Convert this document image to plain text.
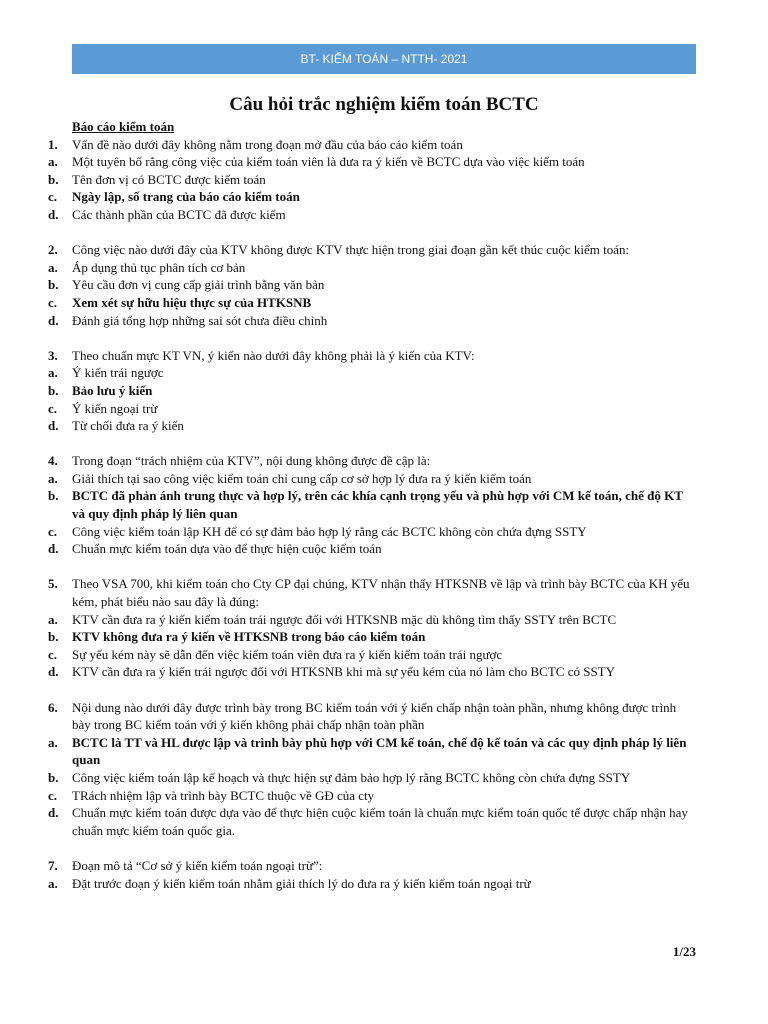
BT- KIỂM TOÁN – NTTH- 2021
Câu hỏi trắc nghiệm kiểm toán BCTC
Báo cáo kiểm toán
1.	Vấn đề nào dưới đây không nằm trong đoạn mở đầu của báo cáo kiểm toán
a.	Một tuyên bố rằng công việc của kiểm toán viên là đưa ra ý kiến về BCTC dựa vào việc kiểm toán
b.	Tên đơn vị có BCTC được kiểm toán
c.	Ngày lập, số trang của báo cáo kiểm toán
d.	Các thành phần của BCTC đã được kiểm
2.	Công việc nào dưới đây của KTV không được KTV thực hiện trong giai đoạn gần kết thúc cuộc kiểm toán:
a.	Áp dụng thủ tục phân tích cơ bản
b.	Yêu cầu đơn vị cung cấp giải trình bằng văn bản
c.	Xem xét sự hữu hiệu thực sự của HTKSNB
d.	Đánh giá tổng hợp những sai sót chưa điều chỉnh
3.	Theo chuẩn mực KT VN, ý kiến nào dưới đây không phải là ý kiến của KTV:
a.	Ý kiến trái ngược
b.	Bảo lưu ý kiến
c.	Ý kiến ngoại trừ
d.	Từ chối đưa ra ý kiến
4.	Trong đoạn “trách nhiệm của KTV”, nội dung không được đề cập là:
a.	Giải thích tại sao công việc kiểm toán chỉ cung cấp cơ sở hợp lý đưa ra ý kiến kiểm toán
b.	BCTC đã phản ánh trung thực và hợp lý, trên các khía cạnh trọng yếu và phù hợp với CM kế toán, chế độ KT và quy định pháp lý liên quan
c.	Công việc kiểm toán lập KH để có sự đảm bảo hợp lý rằng các BCTC không còn chứa đựng SSTY
d.	Chuẩn mực kiểm toán dựa vào để thực hiện cuộc kiểm toán
5.	Theo VSA 700, khi kiểm toán cho Cty CP đại chúng, KTV nhận thấy HTKSNB về lập và trình bày BCTC của KH yếu kém, phát biểu nào sau đây là đúng:
a.	KTV cần đưa ra ý kiến kiểm toán trái ngược đối với HTKSNB mặc dù không tìm thấy SSTY trên BCTC
b.	KTV không đưa ra ý kiến về HTKSNB trong báo cáo kiểm toán
c.	Sự yếu kém này sẽ dẫn đến việc kiểm toán viên đưa ra ý kiến kiểm toán trái ngược
d.	KTV cần đưa ra ý kiến trái ngược đối với HTKSNB khi mà sự yếu kém của nó làm cho BCTC có SSTY
6.	Nội dung nào dưới đây được trình bày trong BC kiểm toán với ý kiến chấp nhận toàn phần, nhưng không được trình bày trong BC kiểm toán với ý kiến không phải chấp nhận toàn phần
a.	BCTC là TT và HL được lập và trình bày phù hợp với CM kế toán, chế độ kế toán và các quy định pháp lý liên quan
b.	Công việc kiểm toán lập kế hoạch và thực hiện sự đảm bảo hợp lý rằng BCTC không còn chứa đựng SSTY
c.	TRách nhiệm lập và trình bày BCTC thuộc về GĐ của cty
d.	Chuẩn mực kiểm toán được dựa vào để thực hiện cuộc kiểm toán là chuẩn mực kiểm toán quốc tế được chấp nhận hay chuẩn mực kiểm toán quốc gia.
7.	Đoạn mô tả “Cơ sở ý kiến kiểm toán ngoại trừ”:
a.	Đặt trước đoạn ý kiến kiểm toán nhằm giải thích lý do đưa ra ý kiến kiểm toán ngoại trừ
1/23
